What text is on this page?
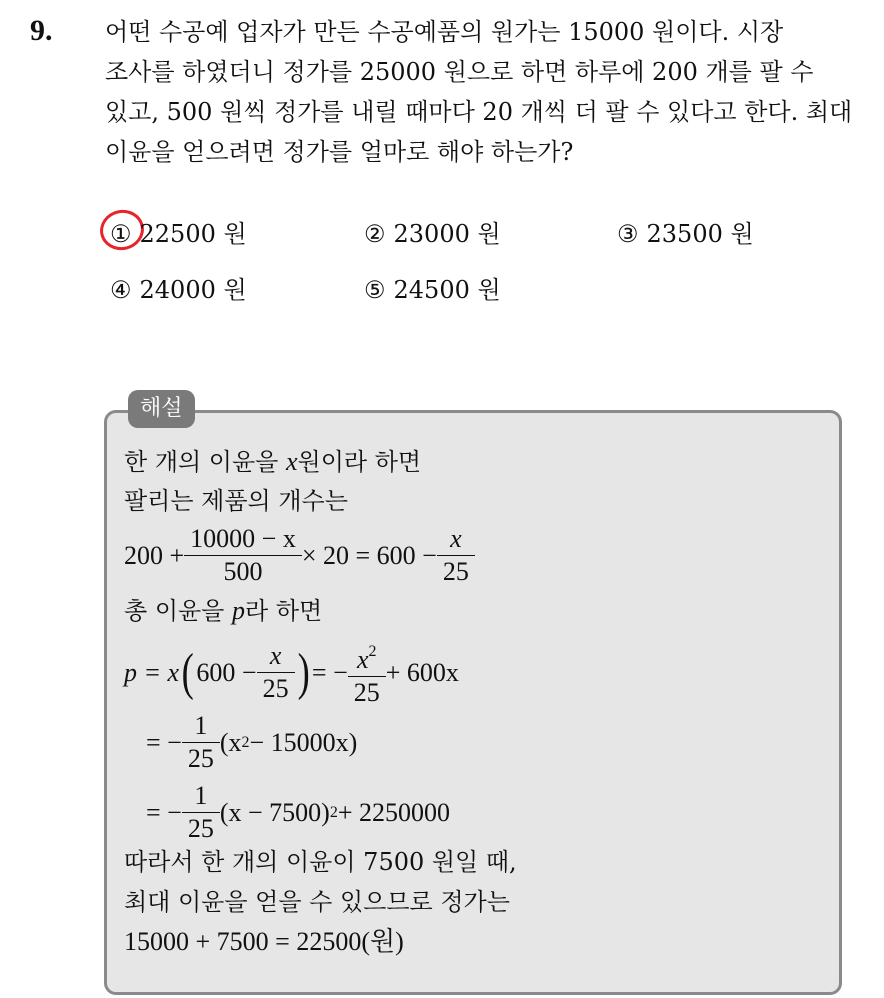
9. 어떤 수공예 업자가 만든 수공예품의 원가는 15000 원이다. 시장
조사를 하였더니 정가를 25000 원으로 하면 하루에 200 개를 팔 수
있고, 500 원씩 정가를 내릴 때마다 20 개씩 더 팔 수 있다고 한다. 최대
이윤을 얻으려면 정가를 얼마로 해야 하는가?
① 22500 원	② 23000 원	③ 23500 원
④ 24000 원	⑤ 24500 원
해설
한 개의 이윤을 x원이라 하면
팔리는 제품의 개수는
$200 + \frac{10000 - x}{500} \times 20 = 600 - \frac{x}{25}$
총 이윤을 p라 하면
p = x ( $600 - \frac{x}{25}$ ) = − $\frac{x^2}{25} + 600x$
= − $\frac{1}{25} (x$ 2 − 15000x)
= − $\frac{1}{25} (x - 7500) 2 + 2250000$
따라서 한 개의 이윤이 7500 원일 때,
최대 이윤을 얻을 수 있으므로 정가는
15000 + 7500 = 22500(원)
